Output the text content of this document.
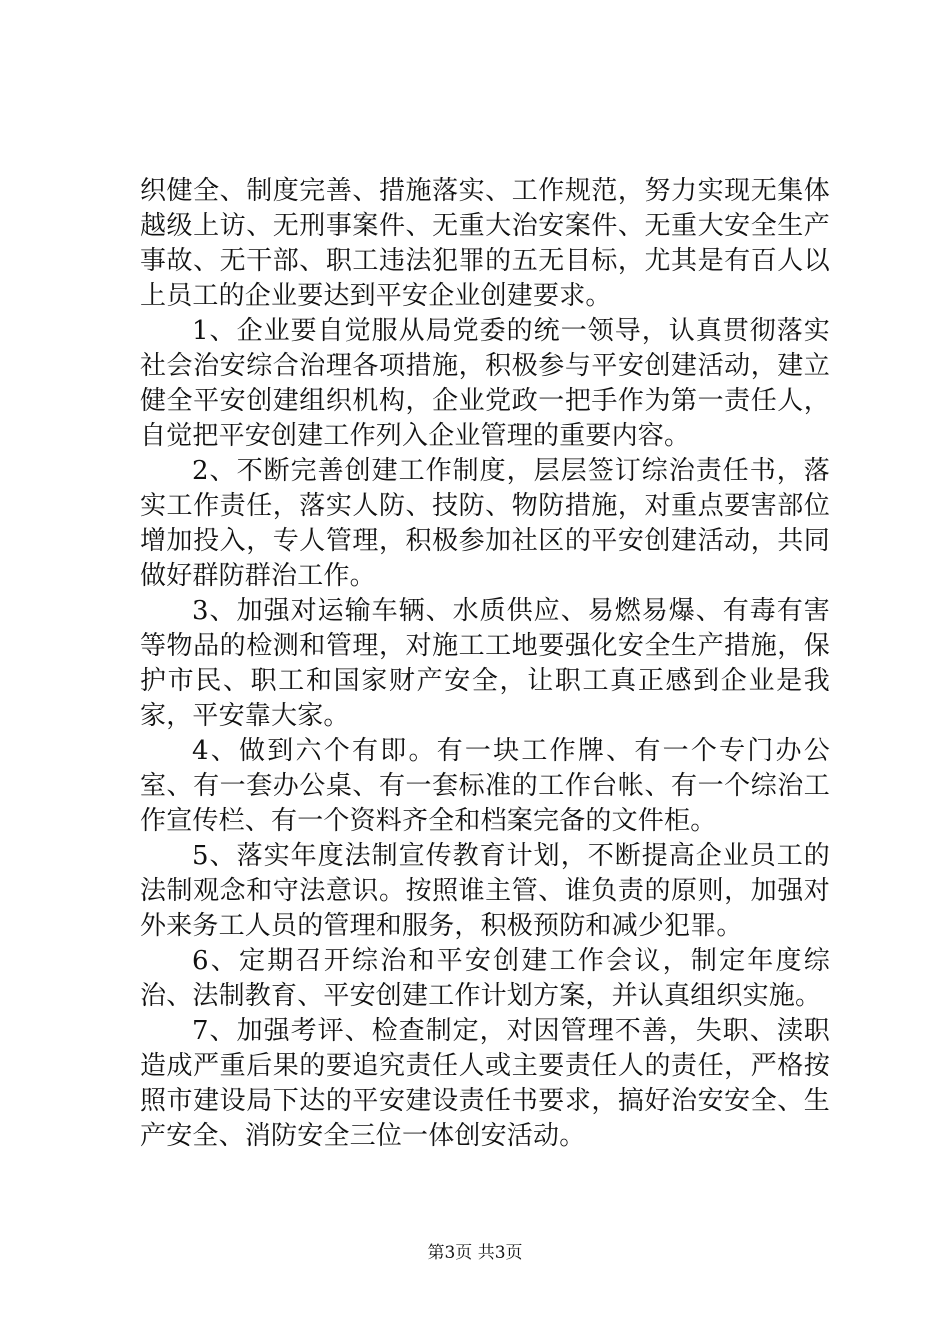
织健全、制度完善、措施落实、工作规范，努力实现无集体越级上访、无刑事案件、无重大治安案件、无重大安全生产事故、无干部、职工违法犯罪的五无目标，尤其是有百人以上员工的企业要达到平安企业创建要求。

1、企业要自觉服从局党委的统一领导，认真贯彻落实社会治安综合治理各项措施，积极参与平安创建活动，建立健全平安创建组织机构，企业党政一把手作为第一责任人，自觉把平安创建工作列入企业管理的重要内容。

2、不断完善创建工作制度，层层签订综治责任书，落实工作责任，落实人防、技防、物防措施，对重点要害部位增加投入，专人管理，积极参加社区的平安创建活动，共同做好群防群治工作。

3、加强对运输车辆、水质供应、易燃易爆、有毒有害等物品的检测和管理，对施工工地要强化安全生产措施，保护市民、职工和国家财产安全，让职工真正感到企业是我家，平安靠大家。

4、做到六个有即。有一块工作牌、有一个专门办公室、有一套办公桌、有一套标准的工作台帐、有一个综治工作宣传栏、有一个资料齐全和档案完备的文件柜。

5、落实年度法制宣传教育计划，不断提高企业员工的法制观念和守法意识。按照谁主管、谁负责的原则，加强对外来务工人员的管理和服务，积极预防和减少犯罪。

6、定期召开综治和平安创建工作会议，制定年度综治、法制教育、平安创建工作计划方案，并认真组织实施。

7、加强考评、检查制定，对因管理不善，失职、渎职造成严重后果的要追究责任人或主要责任人的责任，严格按照市建设局下达的平安建设责任书要求，搞好治安安全、生产安全、消防安全三位一体创安活动。

第3页 共3页
